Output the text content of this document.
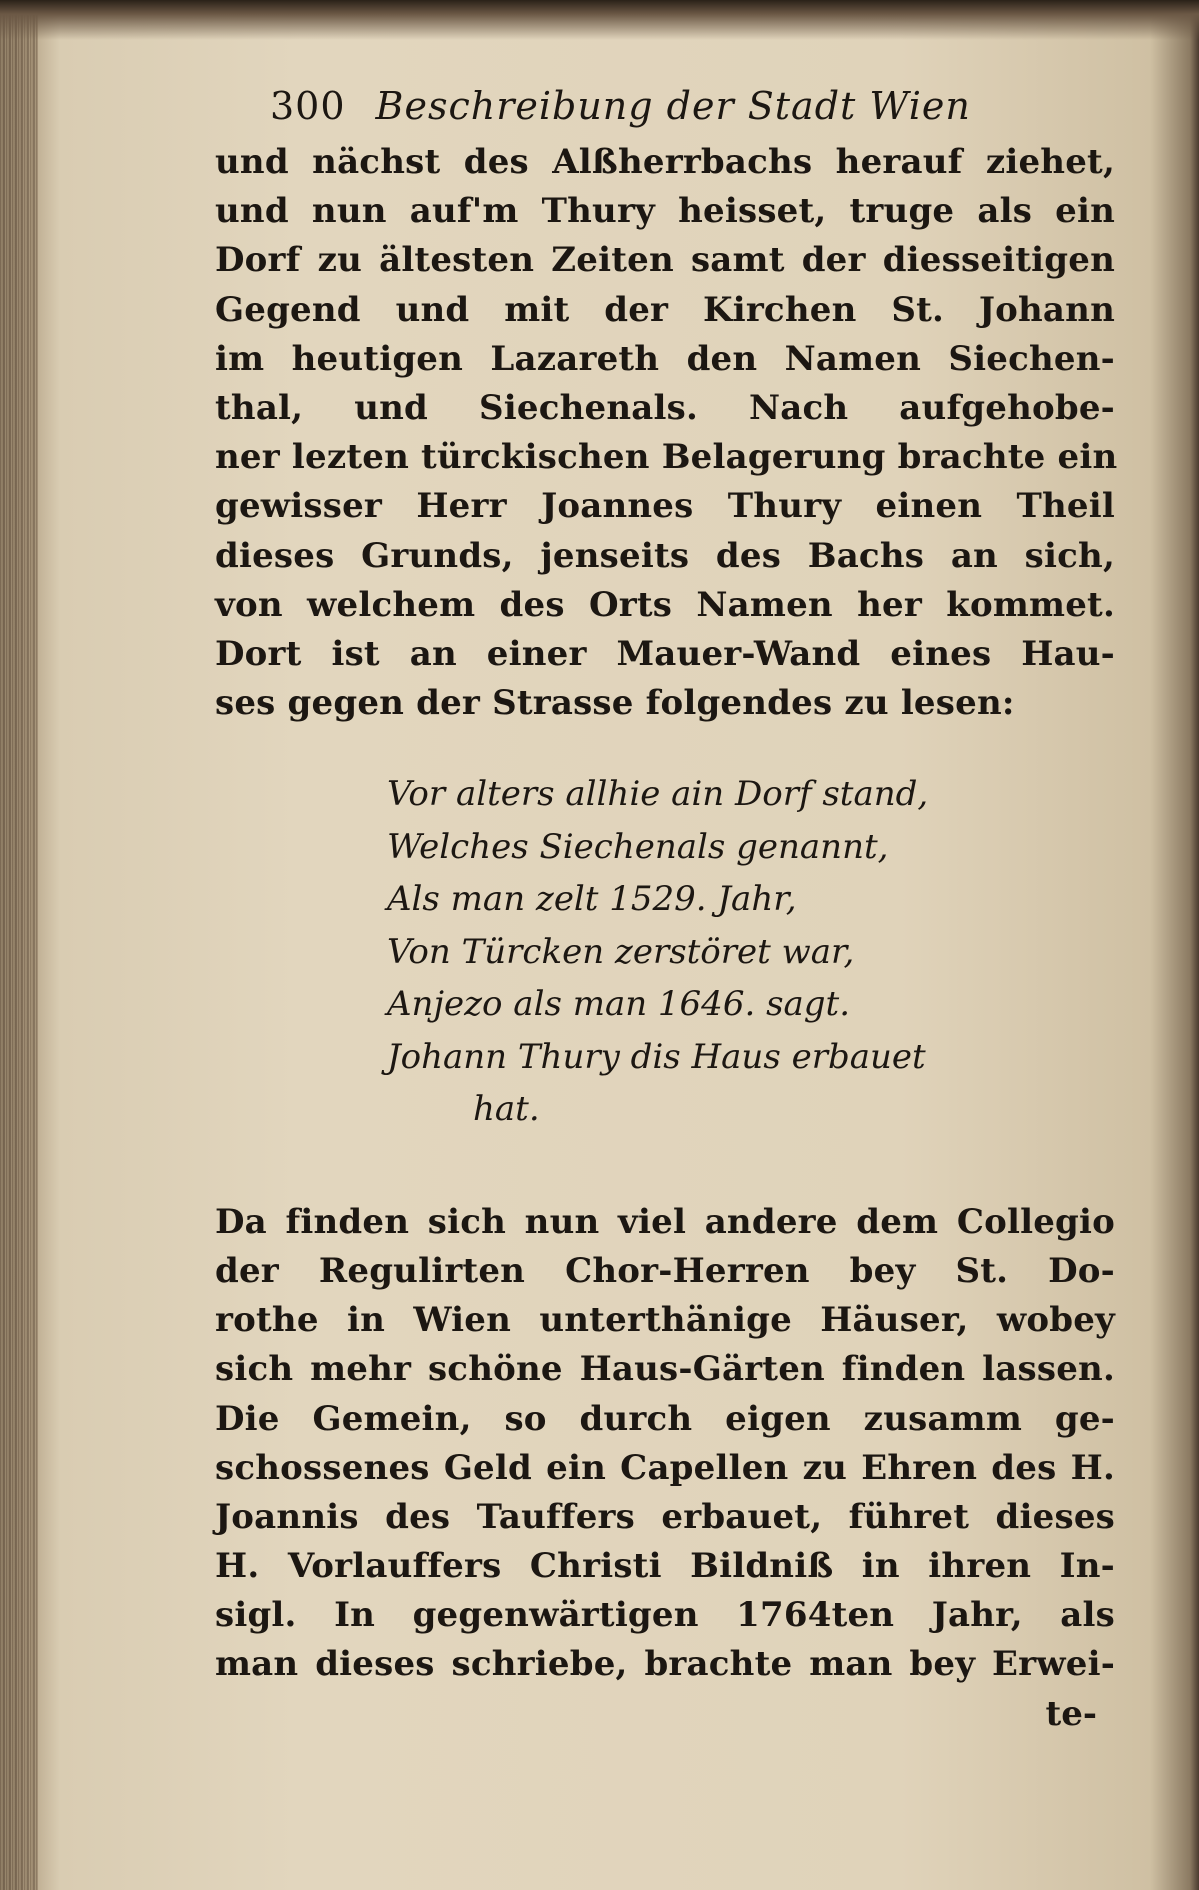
300 Beschreibung der Stadt Wien
und nächst des Alßherrbachs herauf ziehet,
und nun auf'm Thury heisset, truge als ein
Dorf zu ältesten Zeiten samt der diesseitigen
Gegend und mit der Kirchen St. Johann
im heutigen Lazareth den Namen Siechen-
thal, und Siechenals. Nach aufgehobe-
ner lezten türckischen Belagerung brachte ein
gewisser Herr Joannes Thury einen Theil
dieses Grunds, jenseits des Bachs an sich,
von welchem des Orts Namen her kommet.
Dort ist an einer Mauer-Wand eines Hau-
ses gegen der Strasse folgendes zu lesen:
Vor alters allhie ain Dorf stand,
Welches Siechenals genannt,
Als man zelt 1529. Jahr,
Von Türcken zerstöret war,
Anjezo als man 1646. sagt.
Johann Thury dis Haus erbauet
hat.
Da finden sich nun viel andere dem Collegio
der Regulirten Chor-Herren bey St. Do-
rothe in Wien unterthänige Häuser, wobey
sich mehr schöne Haus-Gärten finden lassen.
Die Gemein, so durch eigen zusamm ge-
schossenes Geld ein Capellen zu Ehren des H.
Joannis des Tauffers erbauet, führet dieses
H. Vorlauffers Christi Bildniß in ihren In-
sigl. In gegenwärtigen 1764ten Jahr, als
man dieses schriebe, brachte man bey Erwei-
te-
